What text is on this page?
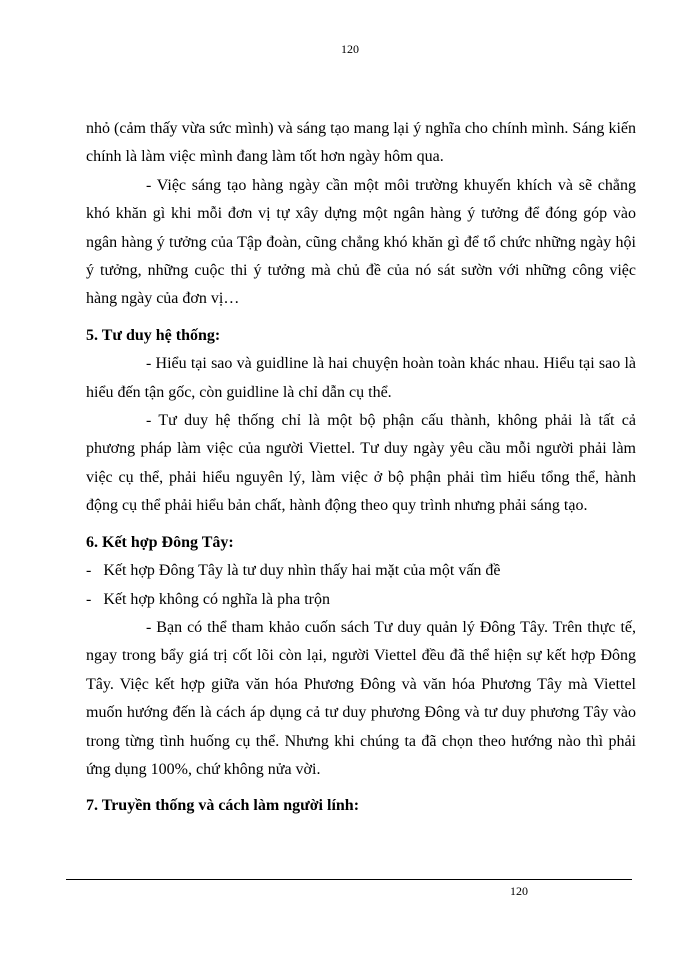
120

nhỏ (cảm thấy vừa sức mình) và sáng tạo mang lại ý nghĩa cho chính mình. Sáng kiến chính là làm việc mình đang làm tốt hơn ngày hôm qua.

- Việc sáng tạo hàng ngày cần một môi trường khuyến khích và sẽ chẳng khó khăn gì khi mỗi đơn vị tự xây dựng một ngân hàng ý tưởng để đóng góp vào ngân hàng ý tưởng của Tập đoàn, cũng chẳng khó khăn gì để tổ chức những ngày hội ý tưởng, những cuộc thi ý tưởng mà chủ đề của nó sát sườn với những công việc hàng ngày của đơn vị…

5. Tư duy hệ thống:

- Hiểu tại sao và guidline là hai chuyện hoàn toàn khác nhau. Hiểu tại sao là hiểu đến tận gốc, còn guidline là chỉ dẫn cụ thể.

- Tư duy hệ thống chỉ là một bộ phận cấu thành, không phải là tất cả phương pháp làm việc của người Viettel. Tư duy ngày yêu cầu mỗi người phải làm việc cụ thể, phải hiểu nguyên lý, làm việc ở bộ phận phải tìm hiểu tổng thể, hành động cụ thể phải hiểu bản chất, hành động theo quy trình nhưng phải sáng tạo.

6. Kết hợp Đông Tây:

-   Kết hợp Đông Tây là tư duy nhìn thấy hai mặt của một vấn đề

-   Kết hợp không có nghĩa là pha trộn

- Bạn có thể tham khảo cuốn sách Tư duy quản lý Đông Tây. Trên thực tế, ngay trong bẩy giá trị cốt lõi còn lại, người Viettel đều đã thể hiện sự kết hợp Đông Tây. Việc kết hợp giữa văn hóa Phương Đông và văn hóa Phương Tây mà Viettel muốn hướng đến là cách áp dụng cả tư duy phương Đông và tư duy phương Tây vào trong từng tình huống cụ thể. Nhưng khi chúng ta đã chọn theo hướng nào thì phải ứng dụng 100%, chứ không nửa vời.

7. Truyền thống và cách làm người lính:

120
